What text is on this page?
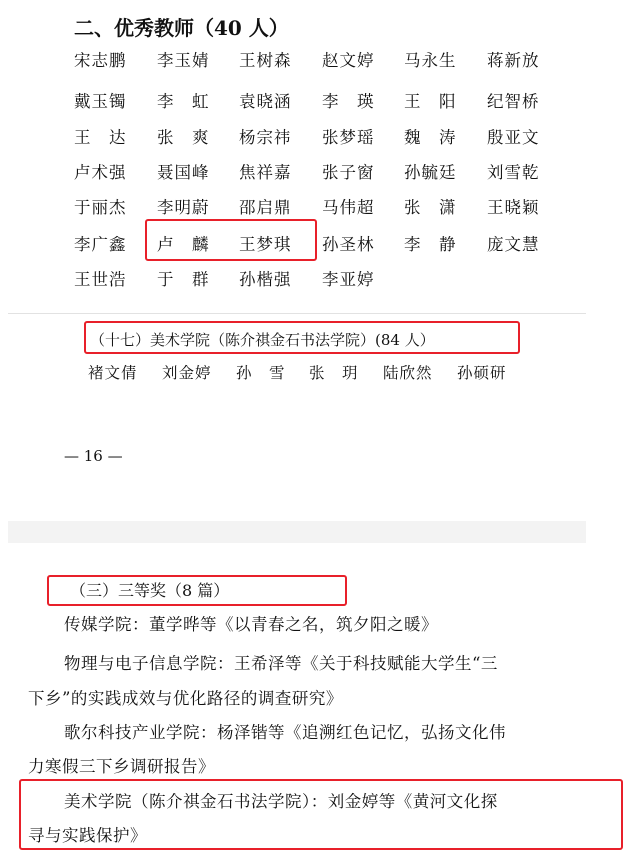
二、优秀教师（40 人）
宋志鹏 李玉婧 王树森 赵文婷 马永生 蒋新放
戴玉镯 李　虹 袁晓涵 李　瑛 王　阳 纪智桥
王　达 张　爽 杨宗祎 张梦瑶 魏　涛 殷亚文
卢术强 聂国峰 焦祥嘉 张子窗 孙毓廷 刘雪乾
于丽杰 李明蔚 邵启鼎 马伟超 张　潇 王晓颖
李广鑫 卢　麟 王梦琪 孙圣林 李　静 庞文慧
王世浩 于　群 孙楷强 李亚婷
（十七）美术学院（陈介祺金石书法学院）(84 人）
褚文倩 刘金婷 孙　雪 张　玥 陆欣然 孙硕研
— 16 —
（三）三等奖（8 篇）
传媒学院：董学晔等《以青春之名，筑夕阳之暖》
物理与电子信息学院：王希泽等《关于科技赋能大学生“三
下乡”的实践成效与优化路径的调查研究》
歌尔科技产业学院：杨泽锴等《追溯红色记忆，弘扬文化伟
力寒假三下乡调研报告》
美术学院（陈介祺金石书法学院）：刘金婷等《黄河文化探
寻与实践保护》
